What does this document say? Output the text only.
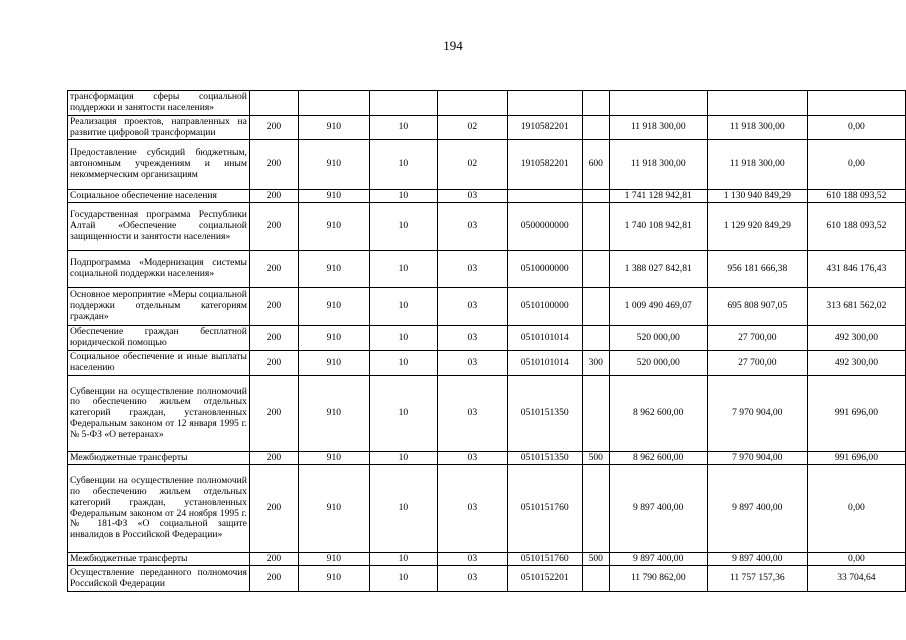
194
трансформация сферы социальной поддержки и занятости населения»									
Реализация проектов, направленных на развитие цифровой трансформации	200	910	10	02	1910582201		11 918 300,00	11 918 300,00	0,00
Предоставление субсидий бюджетным, автономным учреждениям и иным некоммерческим организациям	200	910	10	02	1910582201	600	11 918 300,00	11 918 300,00	0,00
Социальное обеспечение населения	200	910	10	03			1 741 128 942,81	1 130 940 849,29	610 188 093,52
Государственная программа Республики Алтай «Обеспечение социальной защищенности и занятости населения»	200	910	10	03	0500000000		1 740 108 942,81	1 129 920 849,29	610 188 093,52
Подпрограмма «Модернизация системы социальной поддержки населения»	200	910	10	03	0510000000		1 388 027 842,81	956 181 666,38	431 846 176,43
Основное мероприятие «Меры социальной поддержки отдельным категориям граждан»	200	910	10	03	0510100000		1 009 490 469,07	695 808 907,05	313 681 562,02
Обеспечение граждан бесплатной юридической помощью	200	910	10	03	0510101014		520 000,00	27 700,00	492 300,00
Социальное обеспечение и иные выплаты населению	200	910	10	03	0510101014	300	520 000,00	27 700,00	492 300,00
Субвенции на осуществление полномочий по обеспечению жильем отдельных категорий граждан, установленных Федеральным законом от 12 января 1995 г. № 5-ФЗ «О ветеранах»	200	910	10	03	0510151350		8 962 600,00	7 970 904,00	991 696,00
Межбюджетные трансферты	200	910	10	03	0510151350	500	8 962 600,00	7 970 904,00	991 696,00
Субвенции на осуществление полномочий по обеспечению жильем отдельных категорий граждан, установленных Федеральным законом от 24 ноября 1995 г. № 181-ФЗ «О социальной защите инвалидов в Российской Федерации»	200	910	10	03	0510151760		9 897 400,00	9 897 400,00	0,00
Межбюджетные трансферты	200	910	10	03	0510151760	500	9 897 400,00	9 897 400,00	0,00
Осуществление переданного полномочия Российской Федерации	200	910	10	03	0510152201		11 790 862,00	11 757 157,36	33 704,64
